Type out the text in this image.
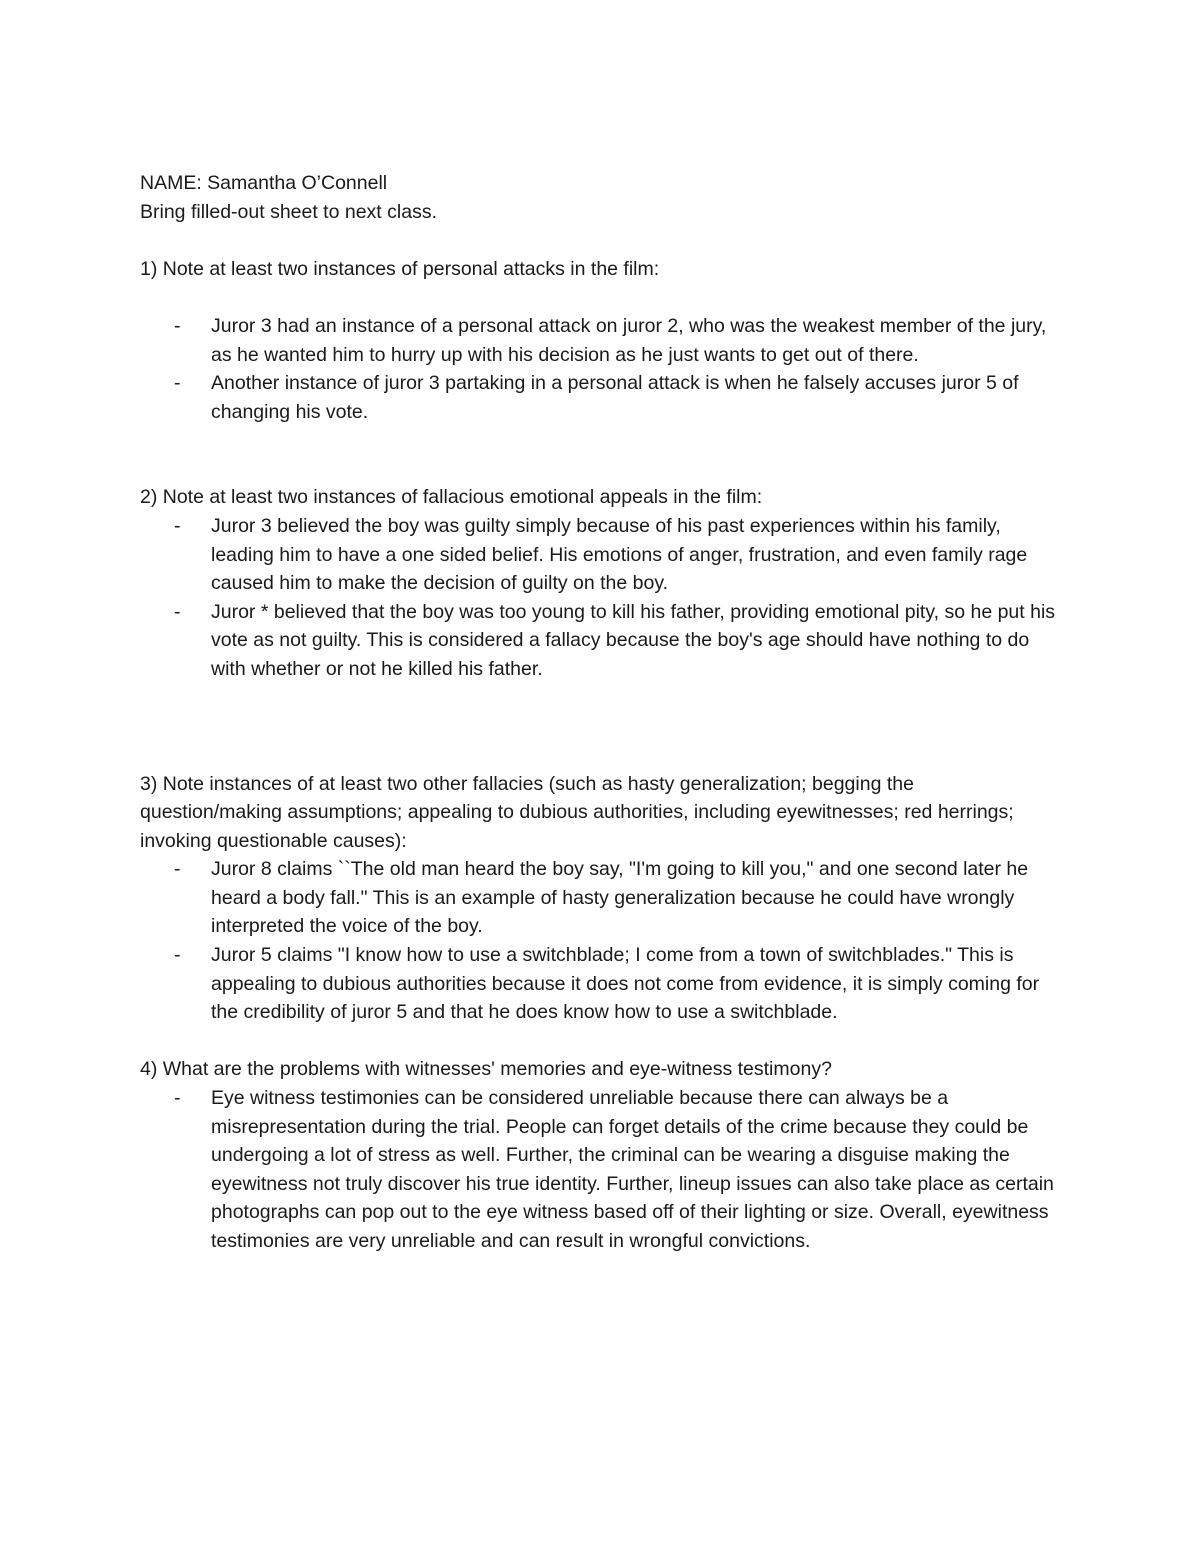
NAME: Samantha O’Connell

Bring filled-out sheet to next class.

1) Note at least two instances of personal attacks in the film:

- Juror 3 had an instance of a personal attack on juror 2, who was the weakest member of the jury, as he wanted him to hurry up with his decision as he just wants to get out of there.
- Another instance of juror 3 partaking in a personal attack is when he falsely accuses juror 5 of changing his vote.

2) Note at least two instances of fallacious emotional appeals in the film:

- Juror 3 believed the boy was guilty simply because of his past experiences within his family, leading him to have a one sided belief. His emotions of anger, frustration, and even family rage caused him to make the decision of guilty on the boy.
- Juror * believed that the boy was too young to kill his father, providing emotional pity, so he put his vote as not guilty. This is considered a fallacy because the boy's age should have nothing to do with whether or not he killed his father.

3) Note instances of at least two other fallacies (such as hasty generalization; begging the question/making assumptions; appealing to dubious authorities, including eyewitnesses; red herrings; invoking questionable causes):

- Juror 8 claims ``The old man heard the boy say, "I'm going to kill you," and one second later he heard a body fall." This is an example of hasty generalization because he could have wrongly interpreted the voice of the boy.
- Juror 5 claims "I know how to use a switchblade; I come from a town of switchblades." This is appealing to dubious authorities because it does not come from evidence, it is simply coming for the credibility of juror 5 and that he does know how to use a switchblade.

4) What are the problems with witnesses' memories and eye-witness testimony?

- Eye witness testimonies can be considered unreliable because there can always be a misrepresentation during the trial. People can forget details of the crime because they could be undergoing a lot of stress as well. Further, the criminal can be wearing a disguise making the eyewitness not truly discover his true identity. Further, lineup issues can also take place as certain photographs can pop out to the eye witness based off of their lighting or size. Overall, eyewitness testimonies are very unreliable and can result in wrongful convictions.
